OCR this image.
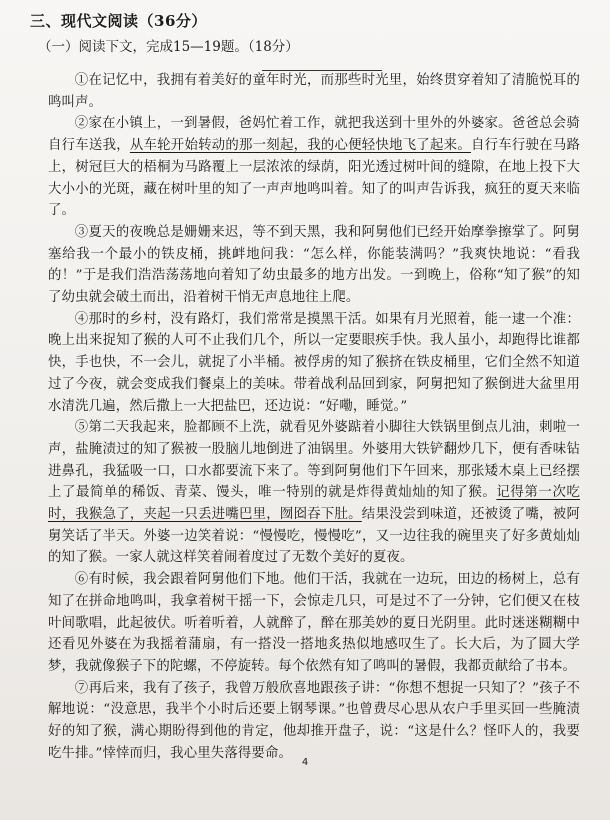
三、现代文阅读（36分）
（一）阅读下文，完成15—19题。（18分）

①在记忆中，我拥有着美好的童年时光，而那些时光里，始终贯穿着知了清脆悦耳的鸣叫声。

②家在小镇上，一到暑假，爸妈忙着工作，就把我送到十里外的外婆家。爸爸总会骑自行车送我，从车轮开始转动的那一刻起，我的心便轻快地飞了起来。自行车行驶在马路上，树冠巨大的梧桐为马路覆上一层浓浓的绿荫，阳光透过树叶间的缝隙，在地上投下大大小小的光斑，藏在树叶里的知了一声声地鸣叫着。知了的叫声告诉我，疯狂的夏天来临了。

③夏天的夜晚总是姗姗来迟，等不到天黑，我和阿舅他们已经开始摩拳擦掌了。阿舅塞给我一个最小的铁皮桶，挑衅地问我：“怎么样，你能装满吗？”我爽快地说：“看我的！”于是我们浩浩荡荡地向着知了幼虫最多的地方出发。一到晚上，俗称“知了猴”的知了幼虫就会破土而出，沿着树干悄无声息地往上爬。

④那时的乡村，没有路灯，我们常常是摸黑干活。如果有月光照着，能一逮一个准：晚上出来捉知了猴的人可不止我们几个，所以一定要眼疾手快。我人虽小，却跑得比谁都快，手也快，不一会儿，就捉了小半桶。被俘虏的知了猴挤在铁皮桶里，它们全然不知道过了今夜，就会变成我们餐桌上的美味。带着战利品回到家，阿舅把知了猴倒进大盆里用水清洗几遍，然后撒上一大把盐巴，还边说：“好嘞，睡觉。”

⑤第二天我起来，脸都顾不上洗，就看见外婆踮着小脚往大铁锅里倒点儿油，刺啦一声，盐腌渍过的知了猴被一股脑儿地倒进了油锅里。外婆用大铁铲翻炒几下，便有香味钻进鼻孔，我猛吸一口，口水都要流下来了。等到阿舅他们下午回来，那张矮木桌上已经摆上了最简单的稀饭、青菜、馒头，唯一特别的就是炸得黄灿灿的知了猴。记得第一次吃时，我猴急了，夹起一只丢进嘴巴里，囫囵吞下肚。结果没尝到味道，还被烫了嘴，被阿舅笑话了半天。外婆一边笑着说：“慢慢吃，慢慢吃”，又一边往我的碗里夹了好多黄灿灿的知了猴。一家人就这样笑着闹着度过了无数个美好的夏夜。

⑥有时候，我会跟着阿舅他们下地。他们干活，我就在一边玩，田边的杨树上，总有知了在拼命地鸣叫，我拿着树干摇一下，会惊走几只，可是过不了一分钟，它们便又在枝叶间歌唱，此起彼伏。听着听着，人就醉了，醉在那美妙的夏日光阴里。此时迷迷糊糊中还看见外婆在为我摇着蒲扇，有一搭没一搭地炙热似地感叹生了。长大后，为了圆大学梦，我就像猴子下的陀螺，不停旋转。每个依然有知了鸣叫的暑假，我都贡献给了书本。

⑦再后来，我有了孩子，我曾万般欣喜地跟孩子讲：“你想不想捉一只知了？”孩子不解地说：“没意思，我半个小时后还要上钢琴课。”也曾费尽心思从农户手里买回一些腌渍好的知了猴，满心期盼得到他的肯定，他却推开盘子，说：“这是什么？怪吓人的，我要吃牛排。”悻悻而归，我心里失落得要命。

4
